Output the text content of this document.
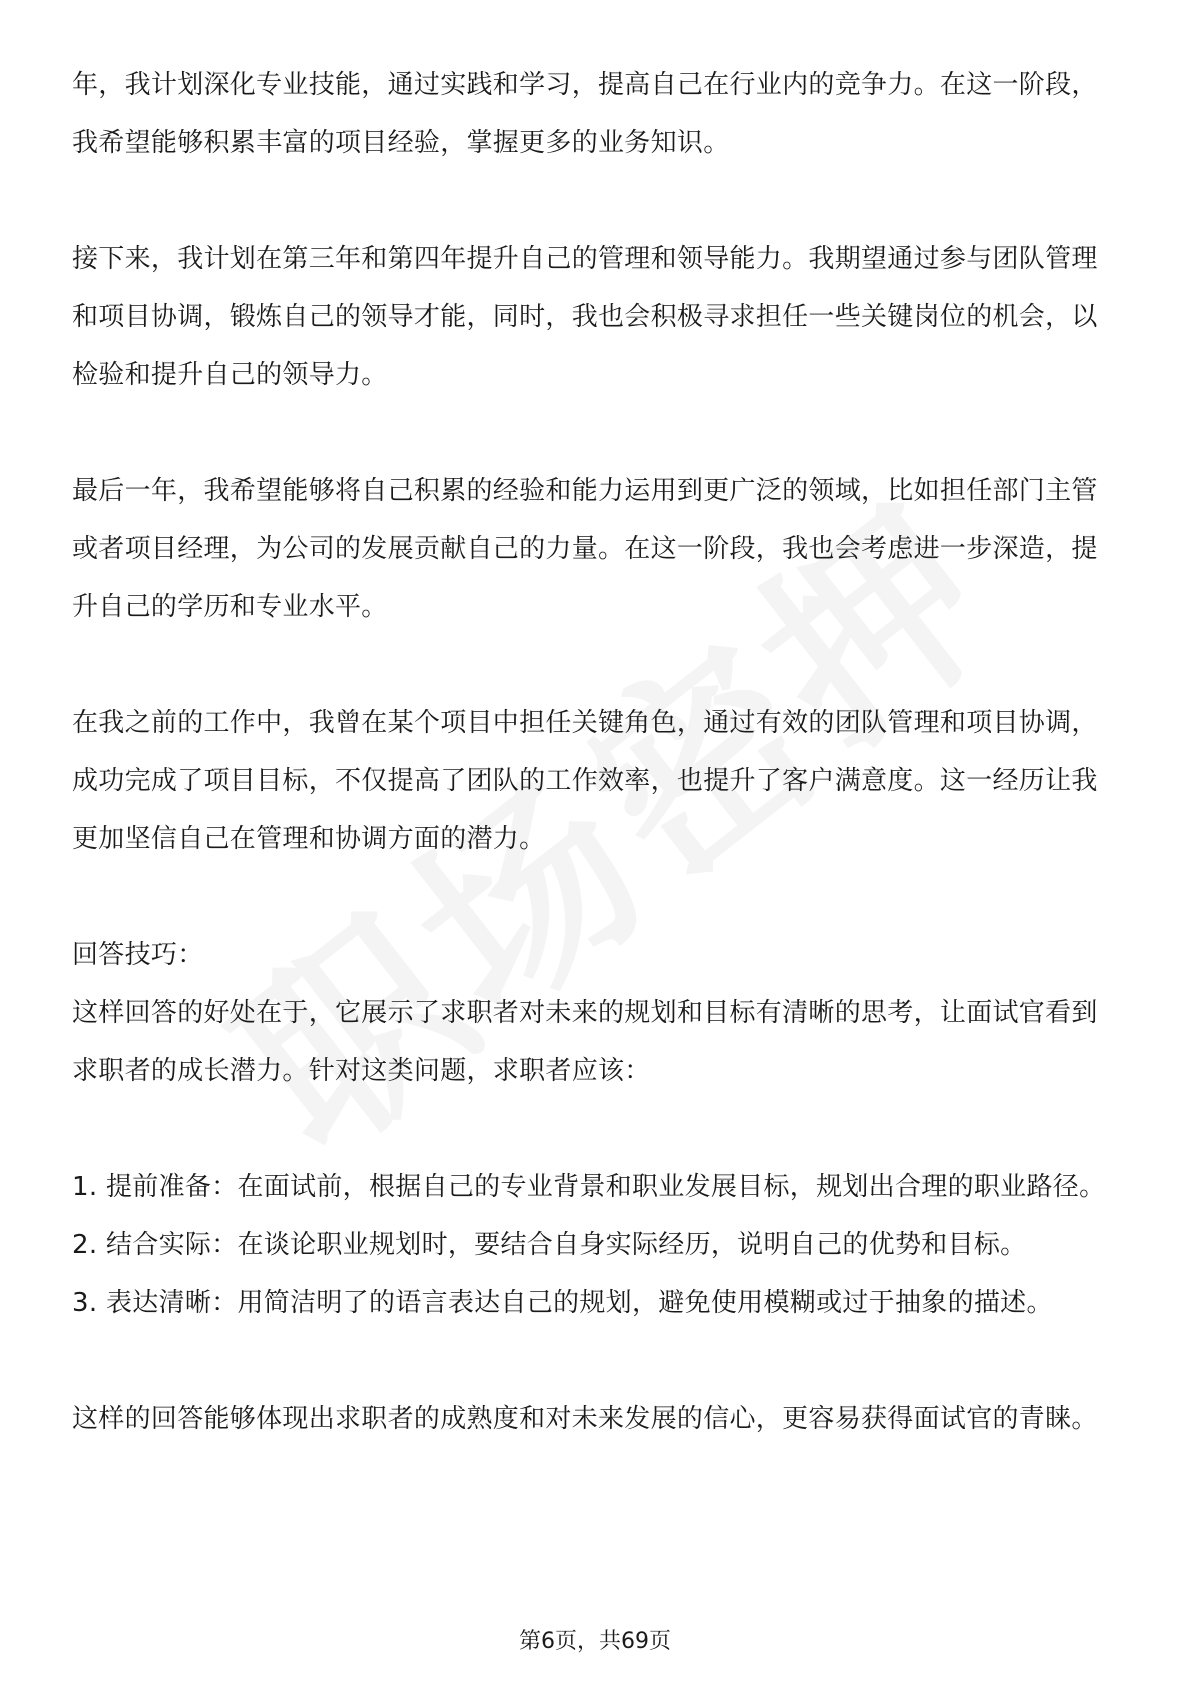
年，我计划深化专业技能，通过实践和学习，提高自己在行业内的竞争力。在这一阶段，我希望能够积累丰富的项目经验，掌握更多的业务知识。

接下来，我计划在第三年和第四年提升自己的管理和领导能力。我期望通过参与团队管理和项目协调，锻炼自己的领导才能，同时，我也会积极寻求担任一些关键岗位的机会，以检验和提升自己的领导力。

最后一年，我希望能够将自己积累的经验和能力运用到更广泛的领域，比如担任部门主管或者项目经理，为公司的发展贡献自己的力量。在这一阶段，我也会考虑进一步深造，提升自己的学历和专业水平。

在我之前的工作中，我曾在某个项目中担任关键角色，通过有效的团队管理和项目协调，成功完成了项目目标，不仅提高了团队的工作效率，也提升了客户满意度。这一经历让我更加坚信自己在管理和协调方面的潜力。

回答技巧：

这样回答的好处在于，它展示了求职者对未来的规划和目标有清晰的思考，让面试官看到求职者的成长潜力。针对这类问题，求职者应该：

1. 提前准备：在面试前，根据自己的专业背景和职业发展目标，规划出合理的职业路径。

2. 结合实际：在谈论职业规划时，要结合自身实际经历，说明自己的优势和目标。

3. 表达清晰：用简洁明了的语言表达自己的规划，避免使用模糊或过于抽象的描述。

这样的回答能够体现出求职者的成熟度和对未来发展的信心，更容易获得面试官的青睐。

第6页，共69页
